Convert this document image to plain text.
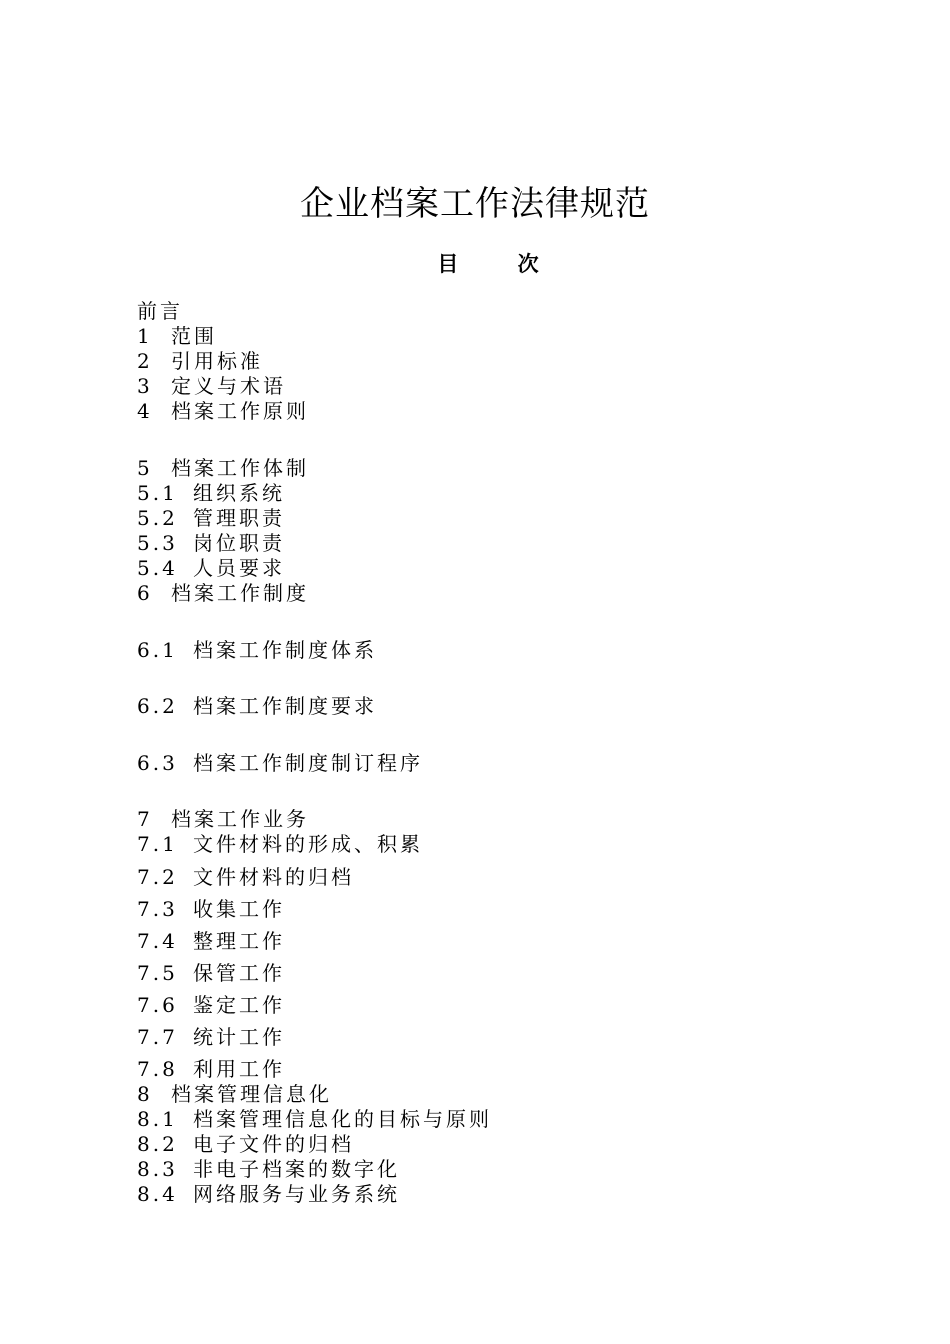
企业档案工作法律规范
目 次
前言
1 范围
2 引用标准
3 定义与术语
4 档案工作原则
5 档案工作体制
5.1 组织系统
5.2 管理职责
5.3 岗位职责
5.4 人员要求
6 档案工作制度
6.1 档案工作制度体系
6.2 档案工作制度要求
6.3 档案工作制度制订程序
7 档案工作业务
7.1 文件材料的形成、积累
7.2 文件材料的归档
7.3 收集工作
7.4 整理工作
7.5 保管工作
7.6 鉴定工作
7.7 统计工作
7.8 利用工作
8 档案管理信息化
8.1 档案管理信息化的目标与原则
8.2 电子文件的归档
8.3 非电子档案的数字化
8.4 网络服务与业务系统
